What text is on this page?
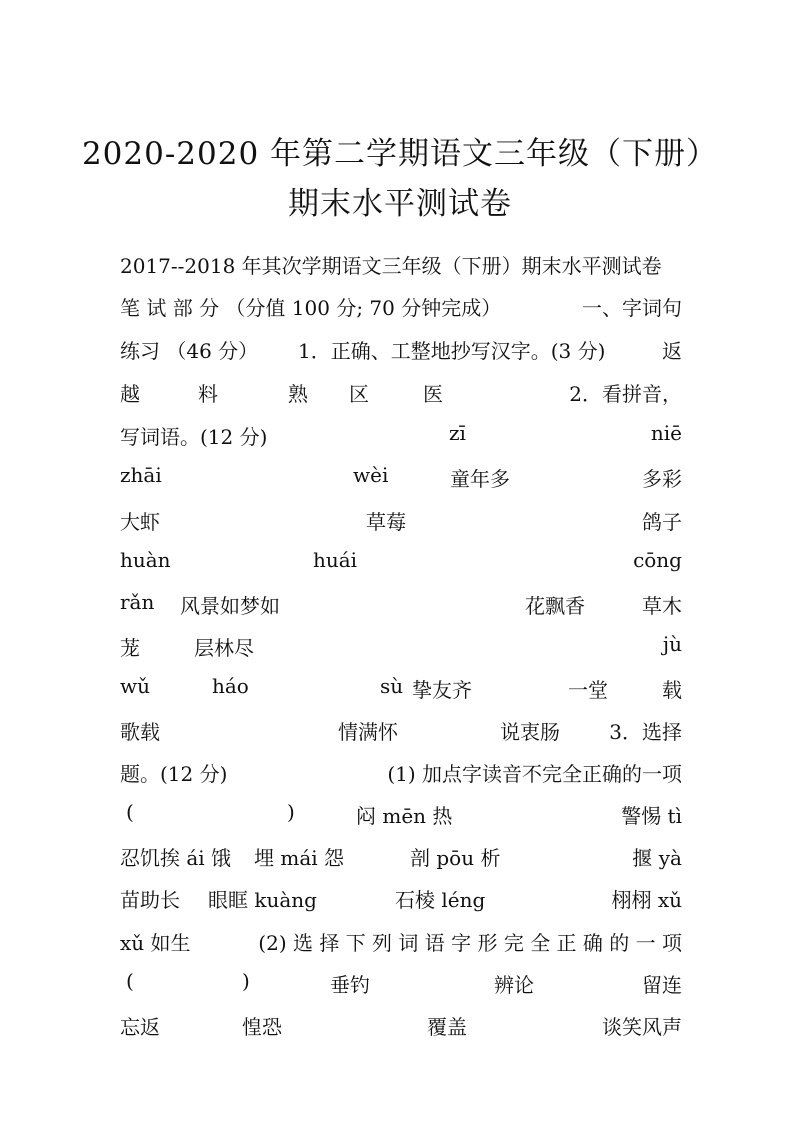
2020-2020 年第二学期语文三年级（下册）
期末水平测试卷
2017--2018 年其次学期语文三年级（下册）期末水平测试卷
笔 试 部 分 （分值 100 分; 70 分钟完成）	一、字词句
练习 （46 分） 1．正确、工整地抄写汉字。(3 分)	返
越	料	熟 区	医	2．看拼音，
写词语。(12 分)	zī	niē
zhāi	wèi	童年多	多彩
大虾	草莓	鸽子
huàn	huái	cōng
rǎn 风景如梦如	花飘香	草木
茏	层林尽	jù
wǔ	háo	sù 挚友齐	一堂	载
歌载	情满怀	说衷肠 3．选择
题。(12 分)	(1) 加点字读音不完全正确的一项
(	)	闷 mēn 热	警惕 tì
忍饥挨 ái 饿 埋 mái 怨	剖 pōu 析	揠 yà
苗助长 眼眶 kuàng	石棱 léng	栩栩 xǔ
xǔ 如生	(2) 选 择 下 列 词 语 字 形 完 全 正 确 的 一 项
(	)	垂钓	辨论	留连
忘返	惶恐	覆盖	谈笑风声
